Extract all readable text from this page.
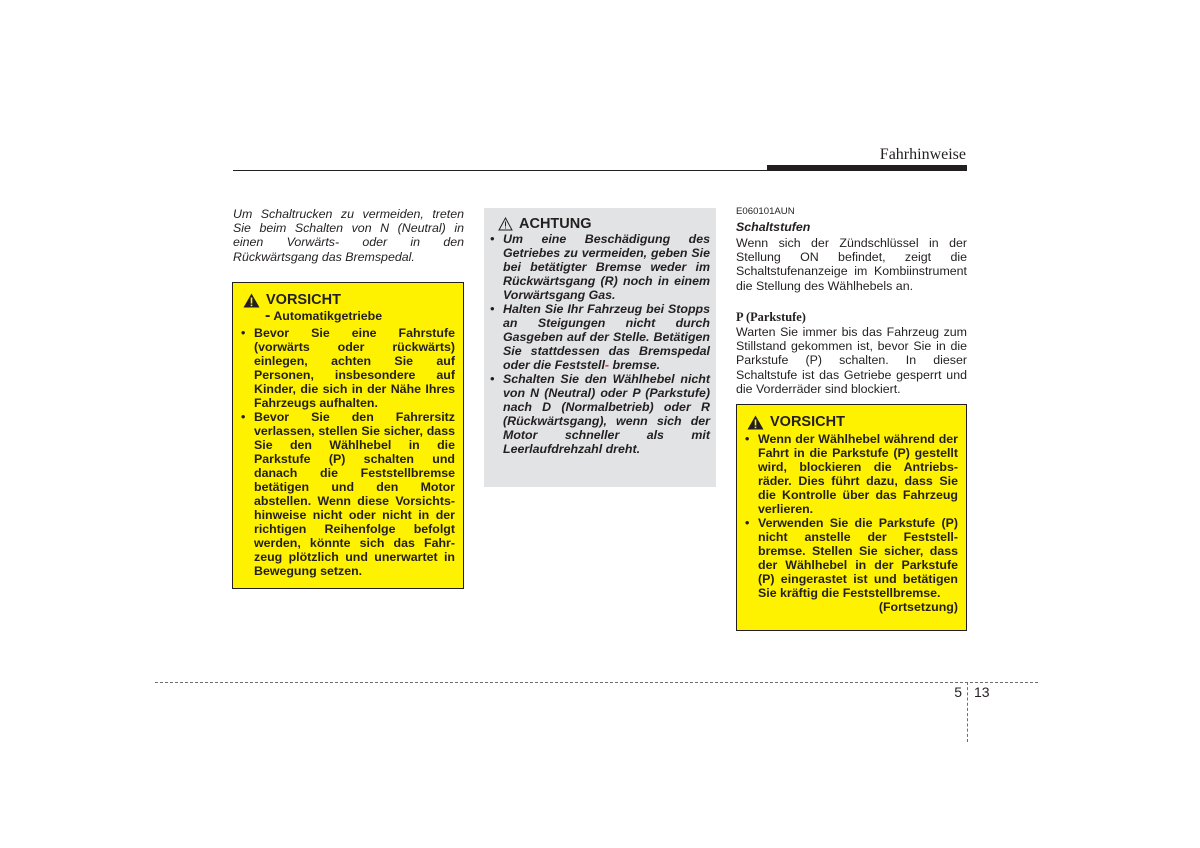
Fahrhinweise
Um Schaltrucken zu vermeiden, treten Sie beim Schalten von N (Neutral) in einen Vorwärts- oder in den Rückwärtsgang das Bremspedal.
VORSICHT
- Automatikgetriebe
• Bevor Sie eine Fahrstufe (vorwärts oder rückwärts) einlegen, achten Sie auf Personen, insbesondere auf Kinder, die sich in der Nähe Ihres Fahrzeugs aufhalten.
• Bevor Sie den Fahrersitz verlassen, stellen Sie sicher, dass Sie den Wählhebel in die Parkstufe (P) schalten und danach die Feststellbremse betätigen und den Motor abstellen. Wenn diese Vorsichts-hinweise nicht oder nicht in der richtigen Reihenfolge befolgt werden, könnte sich das Fahr-zeug plötzlich und unerwartet in Bewegung setzen.
ACHTUNG
• Um eine Beschädigung des Getriebes zu vermeiden, geben Sie bei betätigter Bremse weder im Rückwärtsgang (R) noch in einem Vorwärtsgang Gas.
• Halten Sie Ihr Fahrzeug bei Stopps an Steigungen nicht durch Gasgeben auf der Stelle. Betätigen Sie stattdessen das Bremspedal oder die Feststell- bremse.
• Schalten Sie den Wählhebel nicht von N (Neutral) oder P (Parkstufe) nach D (Normalbetrieb) oder R (Rückwärtsgang), wenn sich der Motor schneller als mit Leerlaufdrehzahl dreht.
E060101AUN
Schaltstufen
Wenn sich der Zündschlüssel in der Stellung ON befindet, zeigt die Schaltstufenanzeige im Kombiinstrument die Stellung des Wählhebels an.
P (Parkstufe)
Warten Sie immer bis das Fahrzeug zum Stillstand gekommen ist, bevor Sie in die Parkstufe (P) schalten. In dieser Schaltstufe ist das Getriebe gesperrt und die Vorderräder sind blockiert.
VORSICHT
• Wenn der Wählhebel während der Fahrt in die Parkstufe (P) gestellt wird, blockieren die Antriebs-räder. Dies führt dazu, dass Sie die Kontrolle über das Fahrzeug verlieren.
• Verwenden Sie die Parkstufe (P) nicht anstelle der Feststell-bremse. Stellen Sie sicher, dass der Wählhebel in der Parkstufe (P) eingerastet ist und betätigen Sie kräftig die Feststellbremse.
(Fortsetzung)
5 13
